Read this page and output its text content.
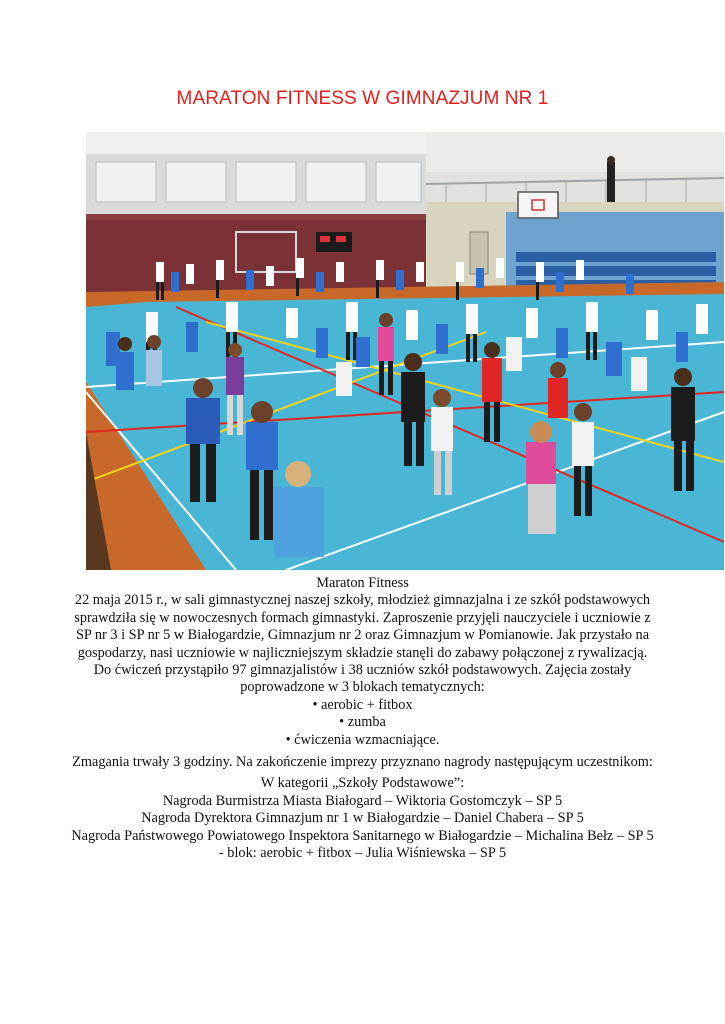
MARATON FITNESS W GIMNAZJUM NR 1

Maraton Fitness

22 maja 2015 r., w sali gimnastycznej naszej szkoły, młodzież gimnazjalna i ze szkół podstawowych sprawdziła się w nowoczesnych formach gimnastyki. Zaproszenie przyjęli nauczyciele i uczniowie z SP nr 3 i SP nr 5 w Białogardzie, Gimnazjum nr 2 oraz Gimnazjum w Pomianowie. Jak przystało na gospodarzy, nasi uczniowie w najliczniejszym składzie stanęli do zabawy połączonej z rywalizacją.

Do ćwiczeń przystąpiło 97 gimnazjalistów i 38 uczniów szkół podstawowych. Zajęcia zostały poprowadzone w 3 blokach tematycznych:

• aerobic + fitbox

• zumba

• ćwiczenia wzmacniające.

Zmagania trwały 3 godziny. Na zakończenie imprezy przyznano nagrody następującym uczestnikom:

W kategorii „Szkoły Podstawowe”:

Nagroda Burmistrza Miasta Białogard – Wiktoria Gostomczyk – SP 5

Nagroda Dyrektora Gimnazjum nr 1 w Białogardzie – Daniel Chabera – SP 5

Nagroda Państwowego Powiatowego Inspektora Sanitarnego w Białogardzie – Michalina Bełz – SP 5

- blok: aerobic + fitbox – Julia Wiśniewska – SP 5
